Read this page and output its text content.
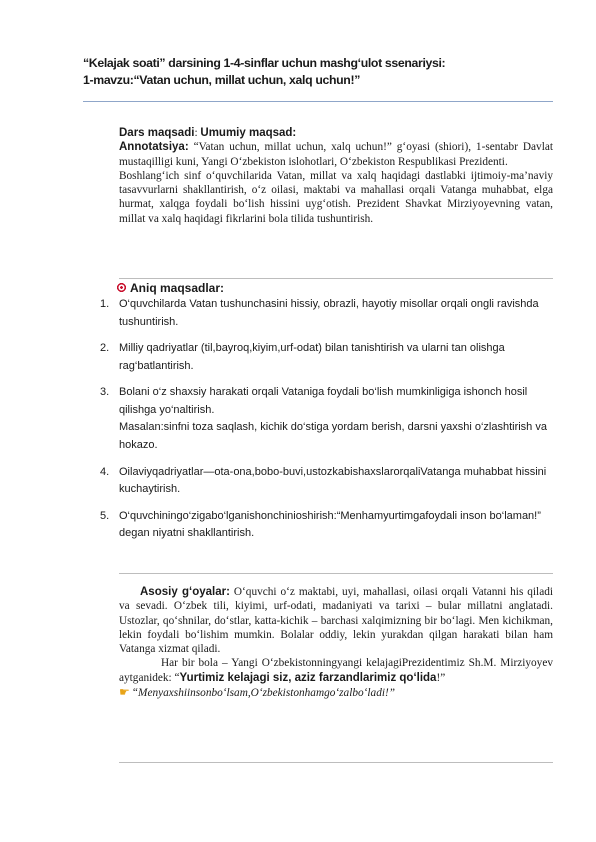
“Kelajak soati” darsining 1-4-sinflar uchun mashg‘ulot ssenariysi:
1-mavzu:“Vatan uchun, millat uchun, xalq uchun!”
Dars maqsadi: Umumiy maqsad:
Annotatsiya: “Vatan uchun, millat uchun, xalq uchun!” g‘oyasi (shiori), 1-sentabr Davlat mustaqilligi kuni, Yangi O‘zbekiston islohotlari, O‘zbekiston Respublikasi Prezidenti.
Boshlang‘ich sinf o‘quvchilarida Vatan, millat va xalq haqidagi dastlabki ijtimoiy-ma’naviy tasavvurlarni shakllantirish, o‘z oilasi, maktabi va mahallasi orqali Vatanga muhabbat, elga hurmat, xalqga foydali bo‘lish hissini uyg‘otish. Prezident Shavkat Mirziyoyevning vatan, millat va xalq haqidagi fikrlarini bola tilida tushuntirish.
Aniq maqsadlar:
1. O‘quvchilarda Vatan tushunchasini hissiy, obrazli, hayotiy misollar orqali ongli ravishda tushuntirish.
2. Milliy qadriyatlar (til,bayroq,kiyim,urf-odat) bilan tanishtirish va ularni tan olishga rag‘batlantirish.
3. Bolani o‘z shaxsiy harakati orqali Vataniga foydali bo‘lish mumkinligiga ishonch hosil qilishga yo‘naltirish.
Masalan:sinfni toza saqlash, kichik do‘stiga yordam berish, darsni yaxshi o‘zlashtirish va hokazo.
4. Oilaviyqadriyatlar—ota-ona,bobo-buvi,ustozkabishaxslarorqaliVatanga muhabbat hissini kuchaytirish.
5. O‘quvchiningo‘zigabo‘lganishonchinioshirish:“Menhamyurtimgafoydali inson bo‘laman!” degan niyatni shakllantirish.
Asosiy g‘oyalar: O‘quvchi o‘z maktabi, uyi, mahallasi, oilasi orqali Vatanni his qiladi va sevadi. O‘zbek tili, kiyimi, urf-odati, madaniyati va tarixi – bular millatni anglatadi. Ustozlar, qo‘shnilar, do‘stlar, katta-kichik – barchasi xalqimizning bir bo‘lagi. Men kichikman, lekin foydali bo‘lishim mumkin. Bolalar oddiy, lekin yurakdan qilgan harakati bilan ham Vatanga xizmat qiladi.
Har bir bola – Yangi O‘zbekistonningyangi kelajagiPrezidentimiz Sh.M. Mirziyoyev aytganidek: “Yurtimiz kelajagi siz, aziz farzandlarimiz qo‘lida!”
☛ “Menyaxshiinsonbo‘lsam,O‘zbekistonhamgo‘zalbo‘ladi!”
